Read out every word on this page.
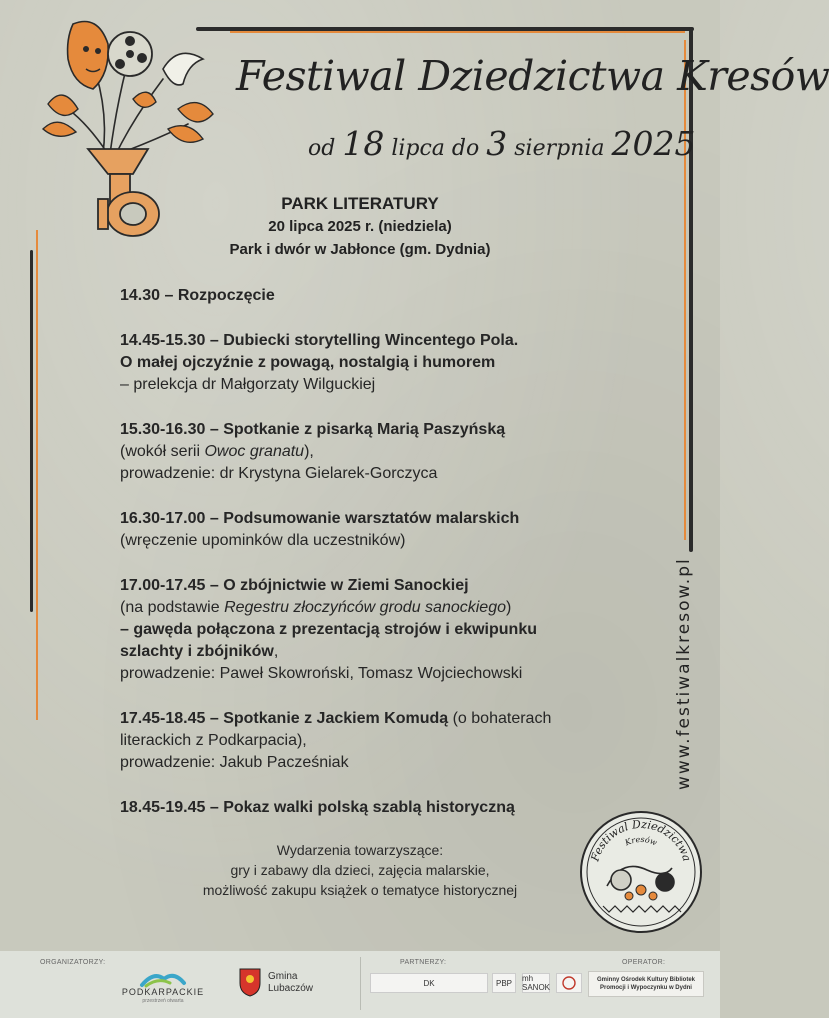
Festiwal Dziedzictwa Kresów
od 18 lipca do 3 sierpnia 2025
PARK LITERATURY
20 lipca 2025 r. (niedziela)
Park i dwór w Jabłonce (gm. Dydnia)

14.30 – Rozpoczęcie

14.45-15.30 – Dubiecki storytelling Wincentego Pola.

O małej ojczyźnie z powagą, nostalgią i humorem

– prelekcja dr Małgorzaty Wilguckiej

15.30-16.30 – Spotkanie z pisarką Marią Paszyńską

(wokół serii Owoc granatu),

prowadzenie: dr Krystyna Gielarek-Gorczyca

16.30-17.00 – Podsumowanie warsztatów malarskich

(wręczenie upominków dla uczestników)

17.00-17.45 – O zbójnictwie w Ziemi Sanockiej

(na podstawie Regestru złoczyńców grodu sanockiego)

– gawęda połączona z prezentacją strojów i ekwipunku

szlachty i zbójników,

prowadzenie: Paweł Skowroński, Tomasz Wojciechowski

17.45-18.45 – Spotkanie z Jackiem Komudą (o bohaterach

literackich z Podkarpacia),

prowadzenie: Jakub Pacześniak

18.45-19.45 – Pokaz walki polską szablą historyczną

www.festiwalkresow.pl
Wydarzenia towarzyszące:
gry i zabawy dla dzieci, zajęcia malarskie,
możliwość zakupu książek o tematyce historycznej
Festiwal Dziedzictwa
Kresów
ORGANIZATORZY:
PODKARPACKIE
przestrzeń otwarta
Gmina
Lubaczów
PARTNERZY:
DK	PBP	mh SANOK
OPERATOR:
Gminny Ośrodek Kultury Bibliotek Promocji i Wypoczynku w Dydni
